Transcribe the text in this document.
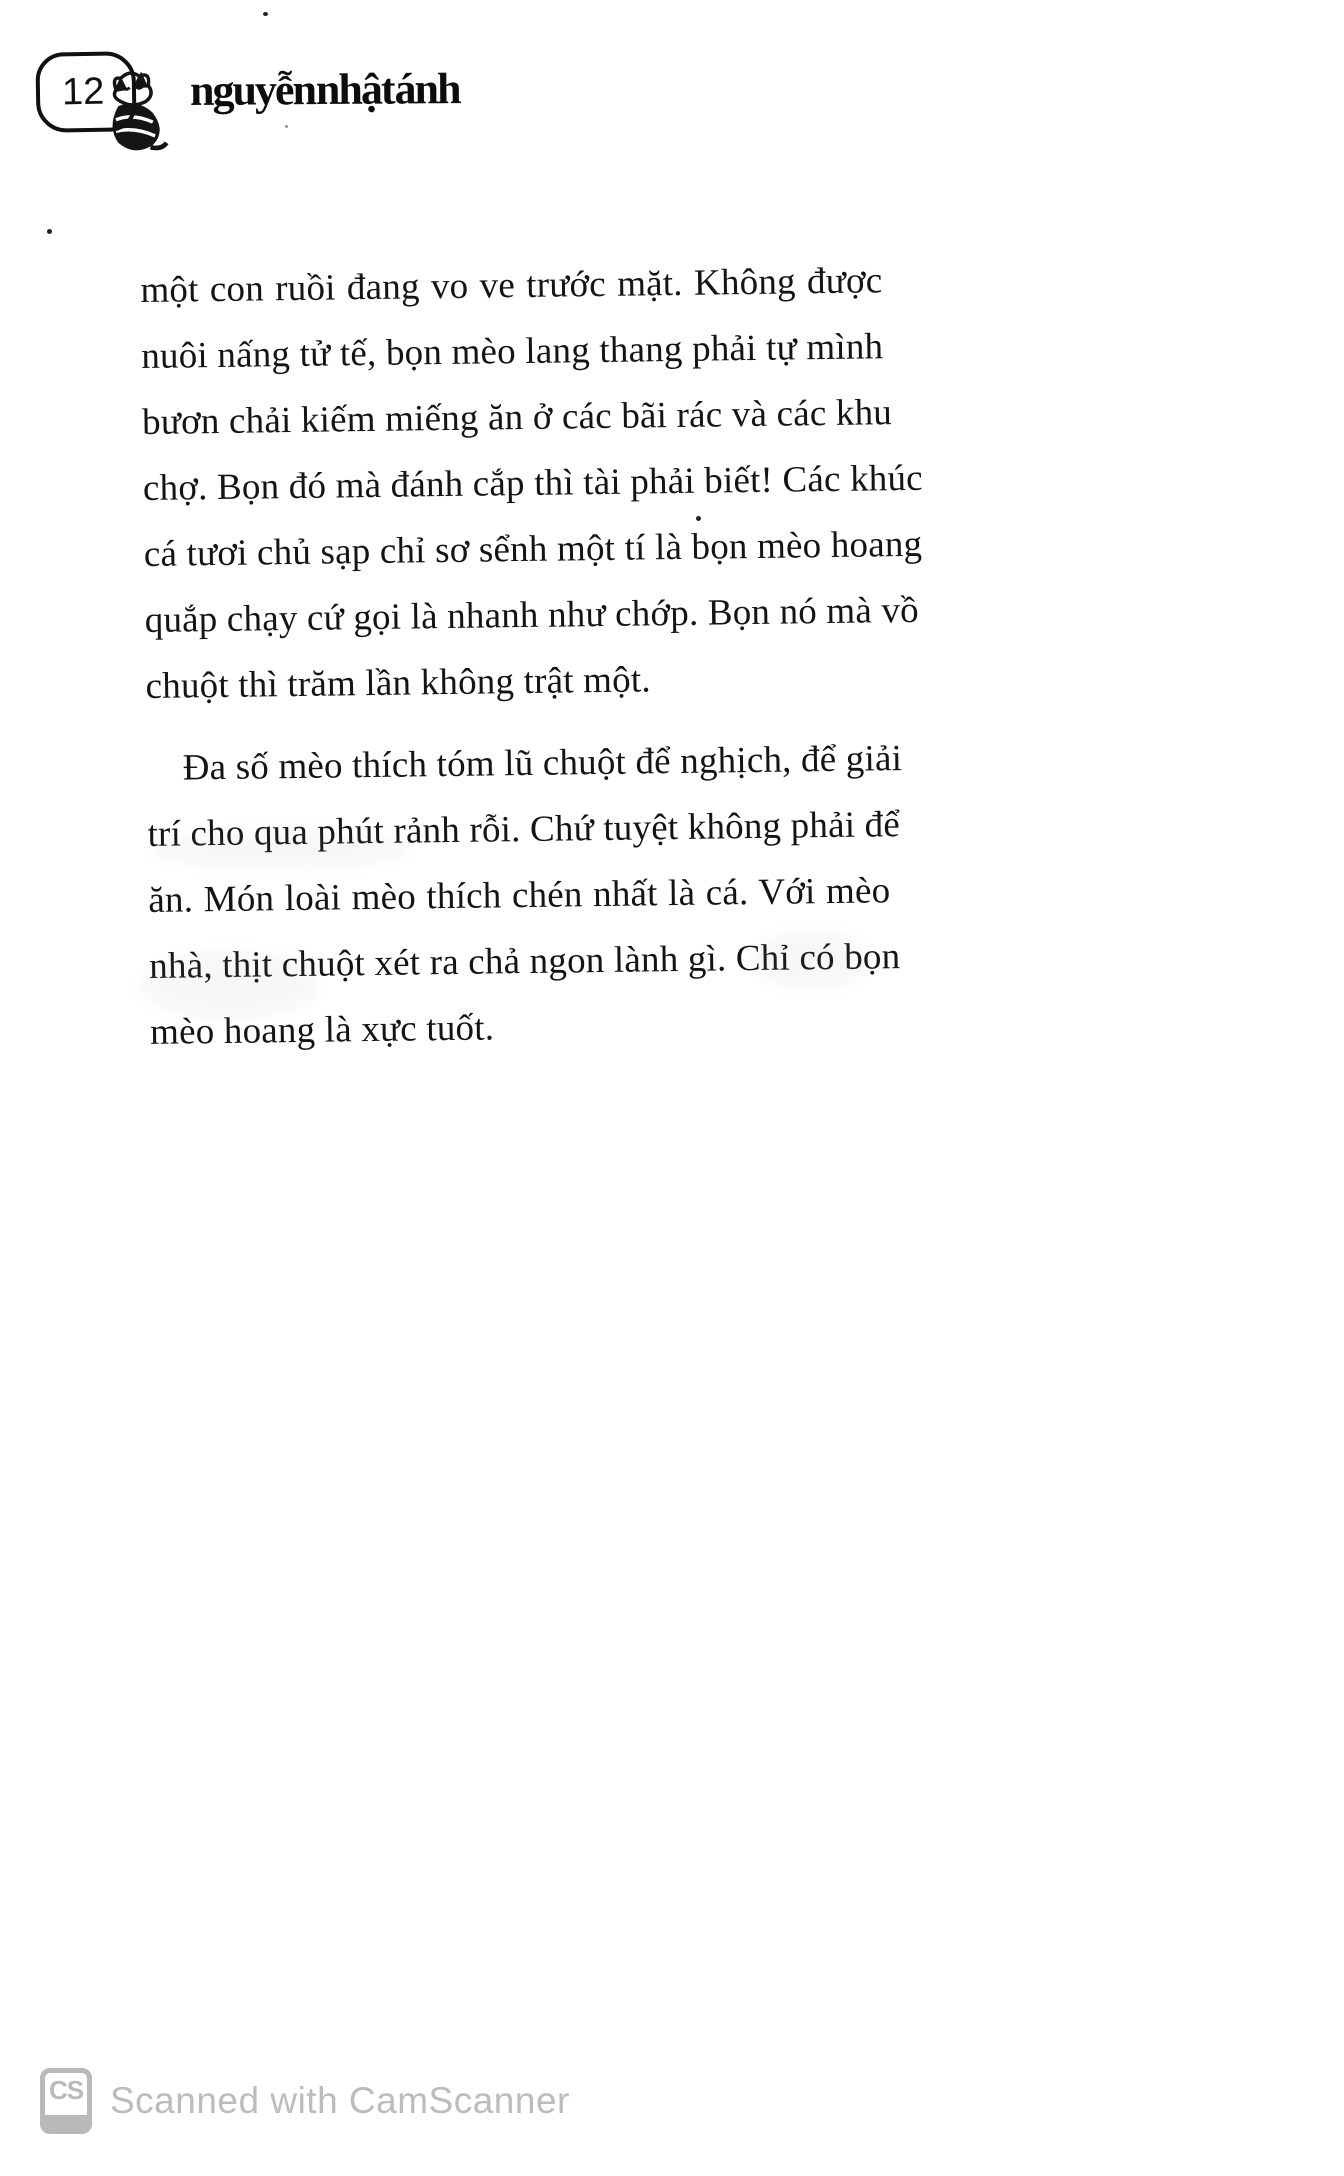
12 nguyễn nhật ánh
một con ruồi đang vo ve trước mặt. Không được
nuôi nấng tử tế, bọn mèo lang thang phải tự mình
bươn chải kiếm miếng ăn ở các bãi rác và các khu
chợ. Bọn đó mà đánh cắp thì tài phải biết! Các khúc
cá tươi chủ sạp chỉ sơ sểnh một tí là bọn mèo hoang
quắp chạy cứ gọi là nhanh như chớp. Bọn nó mà vồ
chuột thì trăm lần không trật một.
Đa số mèo thích tóm lũ chuột để nghịch, để giải
trí cho qua phút rảnh rỗi. Chứ tuyệt không phải để
ăn. Món loài mèo thích chén nhất là cá. Với mèo
nhà, thịt chuột xét ra chả ngon lành gì. Chỉ có bọn
mèo hoang là xực tuốt.
CS Scanned with CamScanner
